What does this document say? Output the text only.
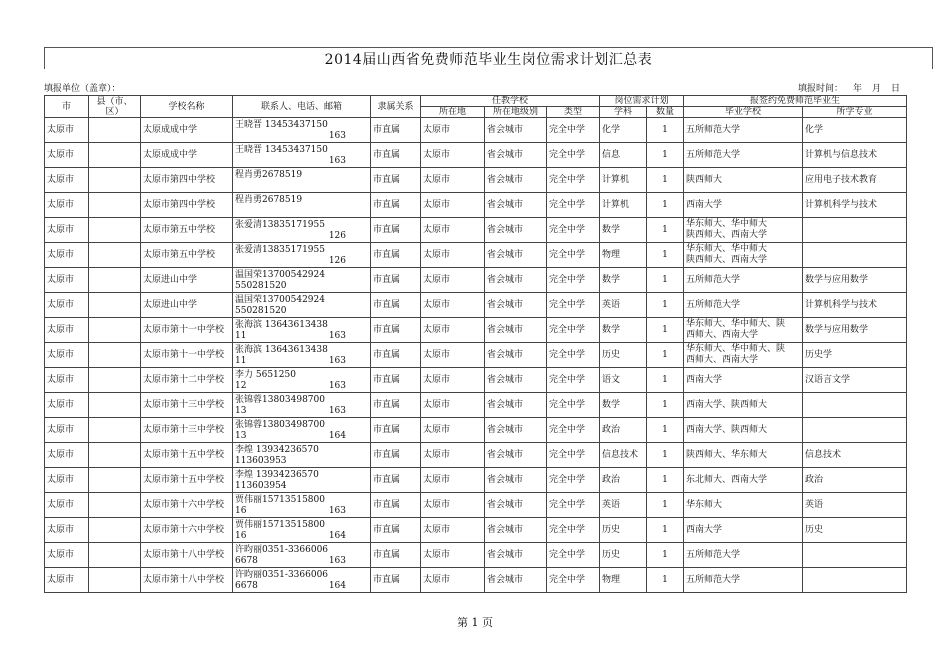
2014届山西省免费师范毕业生岗位需求计划汇总表
填报单位（盖章）：	填报时间： 年 月 日
市	县（市、区）	学校名称	联系人、电话、邮箱	隶属关系	任教学校			岗位需求计划		报签约免费师范毕业生	
					所在地	所在地级别	类型	学科	数量	毕业学校	所学专业
太原市		太原成成中学	王晓晋 13453437150
163	市直属	太原市	省会城市	完全中学	化学	1	五所师范大学	化学
太原市		太原成成中学	王晓晋 13453437150
163	市直属	太原市	省会城市	完全中学	信息	1	五所师范大学	计算机与信息技术
太原市		太原市第四中学校	程肖勇2678519	市直属	太原市	省会城市	完全中学	计算机	1	陕西师大	应用电子技术教育
太原市		太原市第四中学校	程肖勇2678519	市直属	太原市	省会城市	完全中学	计算机	1	西南大学	计算机科学与技术
太原市		太原市第五中学校	张爱清13835171955
126	市直属	太原市	省会城市	完全中学	数学	1	华东师大、华中师大
陕西师大、西南大学	

太原市		太原市第五中学校	张爱清13835171955
126	市直属	太原市	省会城市	完全中学	物理	1	华东师大、华中师大
陕西师大、西南大学	

太原市		太原进山中学	温国荣13700542924
550281520	市直属	太原市	省会城市	完全中学	数学	1	五所师范大学	数学与应用数学
太原市		太原进山中学	温国荣13700542924
550281520	市直属	太原市	省会城市	完全中学	英语	1	五所师范大学	计算机科学与技术
太原市		太原市第十一中学校	张海滨 13643613438
11 163	市直属	太原市	省会城市	完全中学	数学	1	华东师大、华中师大、陕
西师大、西南大学	数学与应用数学
太原市		太原市第十一中学校	张海滨 13643613438
11 163	市直属	太原市	省会城市	完全中学	历史	1	华东师大、华中师大、陕
西师大、西南大学	历史学
太原市		太原市第十二中学校	李力 5651250
12 163	市直属	太原市	省会城市	完全中学	语文	1	西南大学	汉语言文学
太原市		太原市第十三中学校	张锦蓉13803498700
13 163	市直属	太原市	省会城市	完全中学	数学	1	西南大学、陕西师大	
太原市		太原市第十三中学校	张锦蓉13803498700
13 164	市直属	太原市	省会城市	完全中学	政治	1	西南大学、陕西师大	
太原市		太原市第十五中学校	李煌 13934236570
113603953	市直属	太原市	省会城市	完全中学	信息技术	1	陕西师大、华东师大	信息技术
太原市		太原市第十五中学校	李煌 13934236570
113603954	市直属	太原市	省会城市	完全中学	政治	1	东北师大、西南大学	政治
太原市		太原市第十六中学校	贾伟丽15713515800
16 163	市直属	太原市	省会城市	完全中学	英语	1	华东师大	英语
太原市		太原市第十六中学校	贾伟丽15713515800
16 164	市直属	太原市	省会城市	完全中学	历史	1	西南大学	历史
太原市		太原市第十八中学校	许昀丽0351-3366006
6678 163	市直属	太原市	省会城市	完全中学	历史	1	五所师范大学	
太原市		太原市第十八中学校	许昀丽0351-3366006
6678 164	市直属	太原市	省会城市	完全中学	物理	1	五所师范大学	
第 1 页
